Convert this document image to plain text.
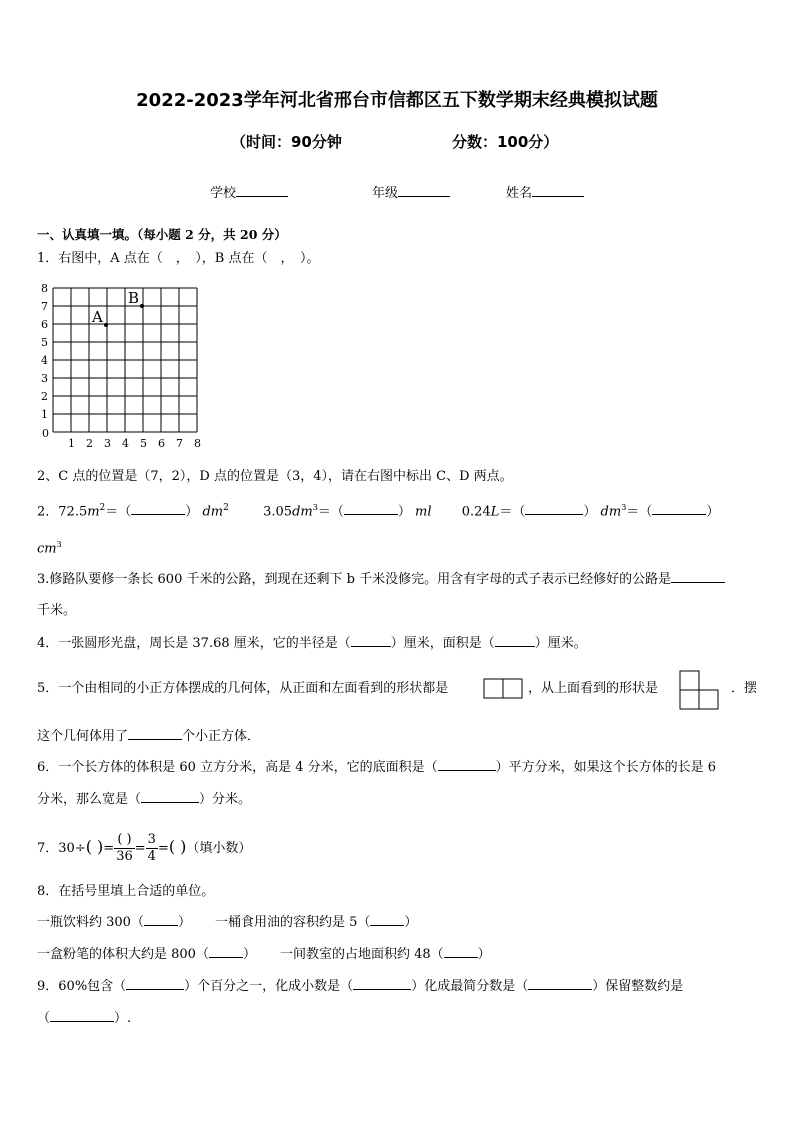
2022-2023学年河北省邢台市信都区五下数学期末经典模拟试题
（时间：90分钟	分数：100分）
学校	年级	姓名
一、认真填一填。（每小题 2 分，共 20 分）
1．右图中，A 点在（　，　），B 点在（　，　）。
0
1 2 3 4 5 6 7 8
1
2
3
4
5
6
7
8
A
B
2、C 点的位置是（7，2），D 点的位置是（3，4），请在右图中标出 C、D 两点。
2．$72.5m^2=$（	） $dm^2$	$3.05dm^3=$（	） ml 0.24L＝（	） $dm^3=$（	）
$cm^3$
3.修路队要修一条长 600 千米的公路，到现在还剩下 b 千米没修完。用含有字母的式子表示已经修好的公路是
千米。
4．一张圆形光盘，周长是 37.68 厘米，它的半径是（	）厘米，面积是（	）厘米。
5．一个由相同的小正方体摆成的几何体，从正面和左面看到的形状都是	，从上面看到的形状是	．摆
这个几何体用了	个小正方体．
6．一个长方体的体积是 60 立方分米，高是 4 分米，它的底面积是（	）平方分米，如果这个长方体的长是 6
分米，那么宽是（	）分米。
7．30÷( )= $\frac{( )}{36} = \frac{3}{4}$ =( )（填小数）
8．在括号里填上合适的单位。
一瓶饮料约 300（	） 一桶食用油的容积约是 5（	）
一盒粉笔的体积大约是 800（	） 一间教室的占地面积约 48（	）
9．60%包含（	）个百分之一，化成小数是（	）化成最简分数是（	）保留整数约是
（	）.
